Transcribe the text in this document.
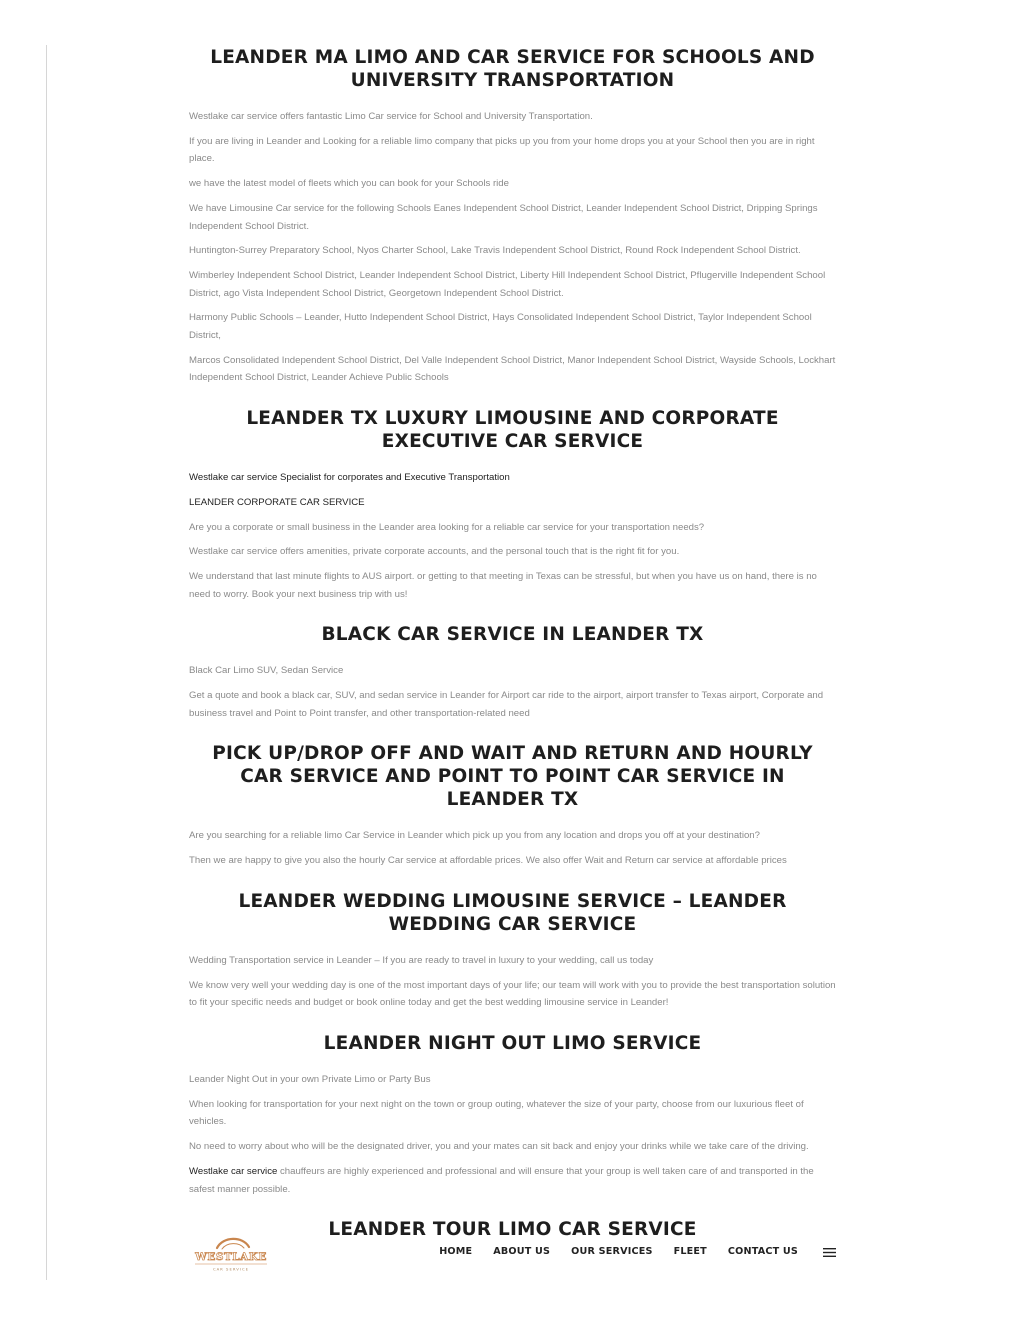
LEANDER MA LIMO AND CAR SERVICE FOR SCHOOLS AND UNIVERSITY TRANSPORTATION

Westlake car service offers fantastic Limo Car service for School and University Transportation.

If you are living in Leander and Looking for a reliable limo company that picks up you from your home drops you at your School then you are in right place.

we have the latest model of fleets which you can book for your Schools ride

We have Limousine Car service for the following Schools Eanes Independent School District, Leander Independent School District, Dripping Springs Independent School District.

Huntington-Surrey Preparatory School, Nyos Charter School, Lake Travis Independent School District, Round Rock Independent School District.

Wimberley Independent School District, Leander Independent School District, Liberty Hill Independent School District, Pflugerville Independent School District, ago Vista Independent School District, Georgetown Independent School District.

Harmony Public Schools – Leander, Hutto Independent School District, Hays Consolidated Independent School District, Taylor Independent School District,

Marcos Consolidated Independent School District, Del Valle Independent School District, Manor Independent School District, Wayside Schools, Lockhart Independent School District, Leander Achieve Public Schools

LEANDER TX LUXURY LIMOUSINE AND CORPORATE EXECUTIVE CAR SERVICE

Westlake car service Specialist for corporates and Executive Transportation

LEANDER CORPORATE CAR SERVICE

Are you a corporate or small business in the Leander area looking for a reliable car service for your transportation needs?

Westlake car service offers amenities, private corporate accounts, and the personal touch that is the right fit for you.

We understand that last minute flights to AUS airport. or getting to that meeting in Texas can be stressful, but when you have us on hand, there is no need to worry. Book your next business trip with us!

BLACK CAR SERVICE IN LEANDER TX

Black Car Limo SUV, Sedan Service

Get a quote and book a black car, SUV, and sedan service in Leander for Airport car ride to the airport, airport transfer to Texas airport, Corporate and business travel and Point to Point transfer, and other transportation-related need

PICK UP/DROP OFF AND WAIT AND RETURN AND HOURLY CAR SERVICE AND POINT TO POINT CAR SERVICE IN LEANDER TX

Are you searching for a reliable limo Car Service in Leander which pick up you from any location and drops you off at your destination?

Then we are happy to give you also the hourly Car service at affordable prices. We also offer Wait and Return car service at affordable prices

LEANDER WEDDING LIMOUSINE SERVICE – LEANDER WEDDING CAR SERVICE

Wedding Transportation service in Leander – If you are ready to travel in luxury to your wedding, call us today

We know very well your wedding day is one of the most important days of your life; our team will work with you to provide the best transportation solution to fit your specific needs and budget or book online today and get the best wedding limousine service in Leander!

LEANDER NIGHT OUT LIMO SERVICE

Leander Night Out in your own Private Limo or Party Bus

When looking for transportation for your next night on the town or group outing, whatever the size of your party, choose from our luxurious fleet of vehicles.

No need to worry about who will be the designated driver, you and your mates can sit back and enjoy your drinks while we take care of the driving.

Westlake car service chauffeurs are highly experienced and professional and will ensure that your group is well taken care of and transported in the safest manner possible.

LEANDER TOUR LIMO CAR SERVICE
WESTLAKE
CAR SERVICE
HOME ABOUT US OUR SERVICES FLEET CONTACT US
